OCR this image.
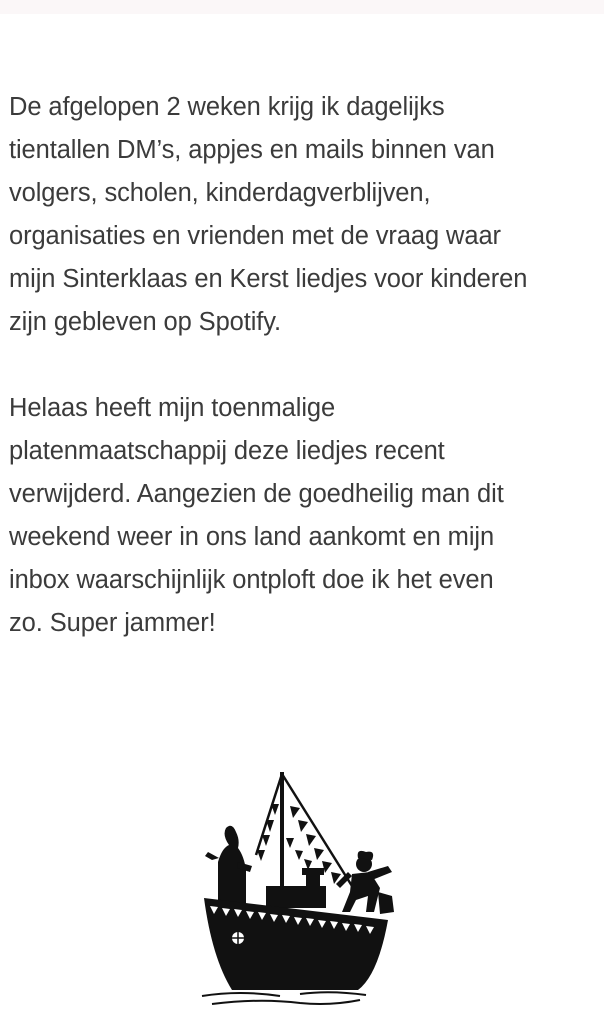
De afgelopen 2 weken krijg ik dagelijks
tientallen DM’s, appjes en mails binnen van
volgers, scholen, kinderdagverblijven,
organisaties en vrienden met de vraag waar
mijn Sinterklaas en Kerst liedjes voor kinderen
zijn gebleven op Spotify.

Helaas heeft mijn toenmalige
platenmaatschappij deze liedjes recent
verwijderd. Aangezien de goedheilig man dit
weekend weer in ons land aankomt en mijn
inbox waarschijnlijk ontploft doe ik het even
zo. Super jammer!
